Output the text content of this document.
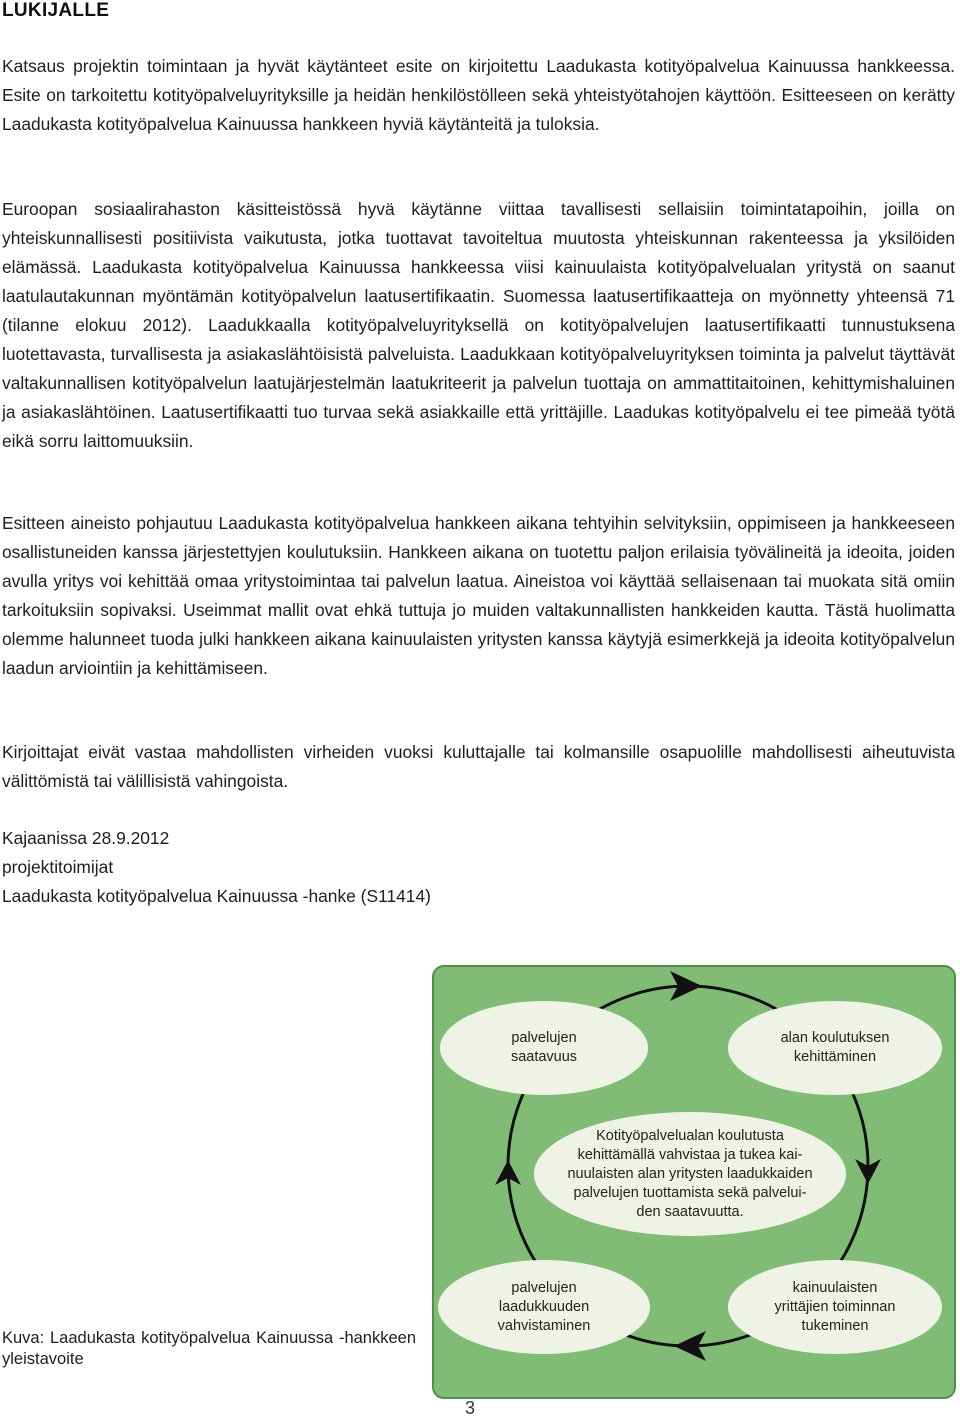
LUKIJALLE

Katsaus projektin toimintaan ja hyvät käytänteet esite on kirjoitettu Laadukasta kotityöpalvelua Kainuussa hankkeessa. Esite on tarkoitettu kotityöpalveluyrityksille ja heidän henkilöstölleen sekä yhteistyötahojen käyttöön. Esitteeseen on kerätty Laadukasta kotityöpalvelua Kainuussa hankkeen hyviä käytänteitä ja tuloksia.

Euroopan sosiaalirahaston käsitteistössä hyvä käytänne viittaa tavallisesti sellaisiin toimintatapoihin, joilla on yhteiskunnallisesti positiivista vaikutusta, jotka tuottavat tavoiteltua muutosta yhteiskunnan rakenteessa ja yksilöiden elämässä. Laadukasta kotityöpalvelua Kainuussa hankkeessa viisi kainuulaista kotityöpalvelualan yritystä on saanut laatulautakunnan myöntämän kotityöpalvelun laatusertifikaatin. Suomessa laatusertifikaatteja on myönnetty yhteensä 71 (tilanne elokuu 2012). Laadukkaalla kotityöpalveluyrityksellä on kotityöpalvelujen laatusertifikaatti tunnustuksena luotettavasta, turvallisesta ja asiakaslähtöisistä palveluista. Laadukkaan kotityöpalveluyrityksen toiminta ja palvelut täyttävät valtakunnallisen kotityöpalvelun laatujärjestelmän laatukriteerit ja palvelun tuottaja on ammattitaitoinen, kehittymishaluinen ja asiakaslähtöinen. Laatusertifikaatti tuo turvaa sekä asiakkaille että yrittäjille. Laadukas kotityöpalvelu ei tee pimeää työtä eikä sorru laittomuuksiin.

Esitteen aineisto pohjautuu Laadukasta kotityöpalvelua hankkeen aikana tehtyihin selvityksiin, oppimiseen ja hankkeeseen osallistuneiden kanssa järjestettyjen koulutuksiin. Hankkeen aikana on tuotettu paljon erilaisia työvälineitä ja ideoita, joiden avulla yritys voi kehittää omaa yritystoimintaa tai palvelun laatua. Aineistoa voi käyttää sellaisenaan tai muokata sitä omiin tarkoituksiin sopivaksi. Useimmat mallit ovat ehkä tuttuja jo muiden valtakunnallisten hankkeiden kautta. Tästä huolimatta olemme halunneet tuoda julki hankkeen aikana kainuulaisten yritysten kanssa käytyjä esimerkkejä ja ideoita kotityöpalvelun laadun arviointiin ja kehittämiseen.

Kirjoittajat eivät vastaa mahdollisten virheiden vuoksi kuluttajalle tai kolmansille osapuolille mahdollisesti aiheutuvista välittömistä tai välillisistä vahingoista.

Kajaanissa 28.9.2012
projektitoimijat
Laadukasta kotityöpalvelua Kainuussa -hanke (S11414)
palvelujen
saatavuus
alan koulutuksen
kehittäminen
Kotityöpalvelualan koulutusta
kehittämällä vahvistaa ja tukea kai-
nuulaisten alan yritysten laadukkaiden
palvelujen tuottamista sekä palvelui-
den saatavuutta.
palvelujen
laadukkuuden
vahvistaminen
kainuulaisten
yrittäjien toiminnan
tukeminen
Kuva: Laadukasta kotityöpalvelua Kainuussa -hankkeen yleistavoite
3
